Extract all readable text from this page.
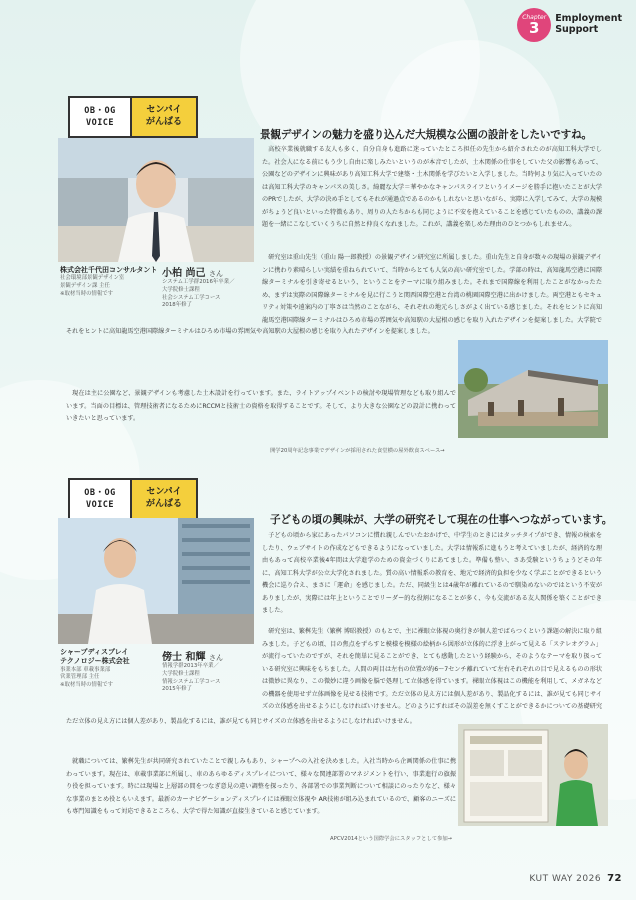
Chapter
3 Employment
Support
OB・OG
VOICE
センパイ
がんばる
株式会社千代田コンサルタント
社会環境部景観デザイン室
景観デザイン課 主任
※取材当時の情報です
小柏 尚己 さん
システム工学群2016年卒業／
大学院修士課程
社会システム工学コース
2018年修了
景観デザインの魅力を盛り込んだ大規模な公園の設計をしたいですね。

高校卒業後就職する友人も多く、自分自身も進路に迷っていたところ担任の先生から紹介されたのが高知工科大学でした。社会人になる前にもう少し自由に楽しみたいというのが本音でしたが、土木関係の仕事をしていた父の影響もあって、公園などのデザインに興味があり高知工科大学で建築・土木関係を学びたいと入学しました。当時何より気に入っていたのは高知工科大学のキャンパスの美しさ。綺麗な大学＝華やかなキャンパスライフというイメージを勝手に抱いたことが大学のPRでしたが、大学の決め手としてもそれが通過点であるのかもしれないと思いながら、実際に入学してみて、大学の規模がちょうど良いといった特徴もあり、周りの人たちからも同じように不安を抱えていることを感じていたものの、講義の課題を一緒にこなしていくうちに自然と仲良くなれました。これが、講義を楽しめた理由のひとつかもしれません。

研究室は重山先生（重山 陽一郎教授）の景観デザイン研究室に所属しました。重山先生と自身が数々の現場の景観デザインに携わり素晴らしい実績を重ねられていて、当時からとても人気の高い研究室でした。学部の時は、高知龍馬空港に国際線ターミナルを引き寄せるという、ということをテーマに取り組みました。それまで国際線を利用したことがなかったため、まずは実際の国際線ターミナルを見に行こうと関西国際空港と台湾の桃園国際空港に出かけました。両空港ともセキュリティ対策や遠案内の丁寧さは当然のことながら、それぞれの地元らしさがよく出ている感じました。それをヒントに高知龍馬空港国際線ターミナルはひろめ市場の雰囲気や高知駅の大屋根の感じを取り入れたデザインを提案しました。大学院で

それをヒントに高知龍馬空港国際線ターミナルはひろめ市場の雰囲気や高知駅の大屋根の感じを取り入れたデザインを提案しました。

現在は主に公園など、景観デザインも考慮した土木設計を行っています。また、ライトアップイベントの検討や現場管理なども取り組んでいます。当面の目標は、管理技術者になるためにRCCMと技術士の資格を取得することです。そして、より大きな公園などの設計に携わっていきたいと思っています。

開学20周年記念事業でデザインが採用された食堂横の屋外飲食スペース→
OB・OG
VOICE
センパイ
がんばる
シャープディスプレイ
テクノロジー株式会社
事業本部 車載事業部
営業管理部 主任
※取材当時の情報です
傍士 和輝 さん
情報学群2013年卒業／
大学院修士課程
情報システム工学コース
2015年修了
子どもの頃の興味が、大学の研究そして現在の仕事へつながっています。

子どもの頃から家にあったパソコンに慣れ親しんでいたおかげで、中学生のときにはタッチタイプができ、情報の検索をしたり、ウェブサイトの作成などもできるようになっていました。大学は情報系に進もうと考えていましたが、経済的な理由もあって高校卒業後4年間は大学進学のための資金づくりにあてました。準備も整い、さあ受験というちょうどその年に、高知工科大学が公立大学化されました。質の高い情報系の教育を、地元で経済的負担を少なく学ぶことができるという機会に巡り合え、まさに「運命」を感じました。ただ、同級生とは4歳年が離れているので馴染めないのではという不安がありましたが、実際には年上ということでリーダー的な役割になることが多く、今も交流がある友人関係を築くことができました。

研究室は、繁桝先生（繁桝 博昭教授）のもとで、主に裸眼立体視の奥行きが個人差でばらつくという課題の解決に取り組みました。子どもの頃、目の焦点をずらすと模様を模様の絵柄から図形が立体的に浮き上がって見える「ステレオグラム」が流行っていたのですが、それを簡単に見ることができ、とても感動したという経験から、そのようなテーマを取り扱っている研究室に興味をもちました。人間の両目は左右の位置が約6〜7センチ離れていて左右それぞれの目で見えるものの形状は微妙に異なり、この微妙に違う画像を脳で処理して立体感を得ています。裸眼立体視はこの機能を利用して、メガネなどの機器を使用せず立体画像を見せる技術です。ただ立体の見え方には個人差があり、製品化するには、誰が見ても同じサイズの立体感を出せるようにしなければいけません。どのようにすればその誤差を無くすことができるかについての基礎研究

ただ立体の見え方には個人差があり、製品化するには、誰が見ても同じサイズの立体感を出せるようにしなければいけません。

就職については、繁桝先生が共同研究されていたことで親しみもあり、シャープへの入社を決めました。入社当時から企画関係の仕事に携わっています。現在は、車載事業部に所属し、車のあらゆるディスプレイについて、様々な関連部署のマネジメントを行い、事業進行の旗振り役を担っています。時には現場と上層部の間をつなぎ意見の違い調整を探ったり、各部署での事業判断について相談にのったりなど、様々な事業のまとめ役ともいえます。最新のカーナビゲーションディスプレイには裸眼立体視や AR技術が組み込まれているので、顧客のニーズにも専門知識をもって対応できるところも、大学で得た知識が直接生きていると感じています。

APCV2014という国際学会にスタッフとして参加→
KUT WAY 2026 72
